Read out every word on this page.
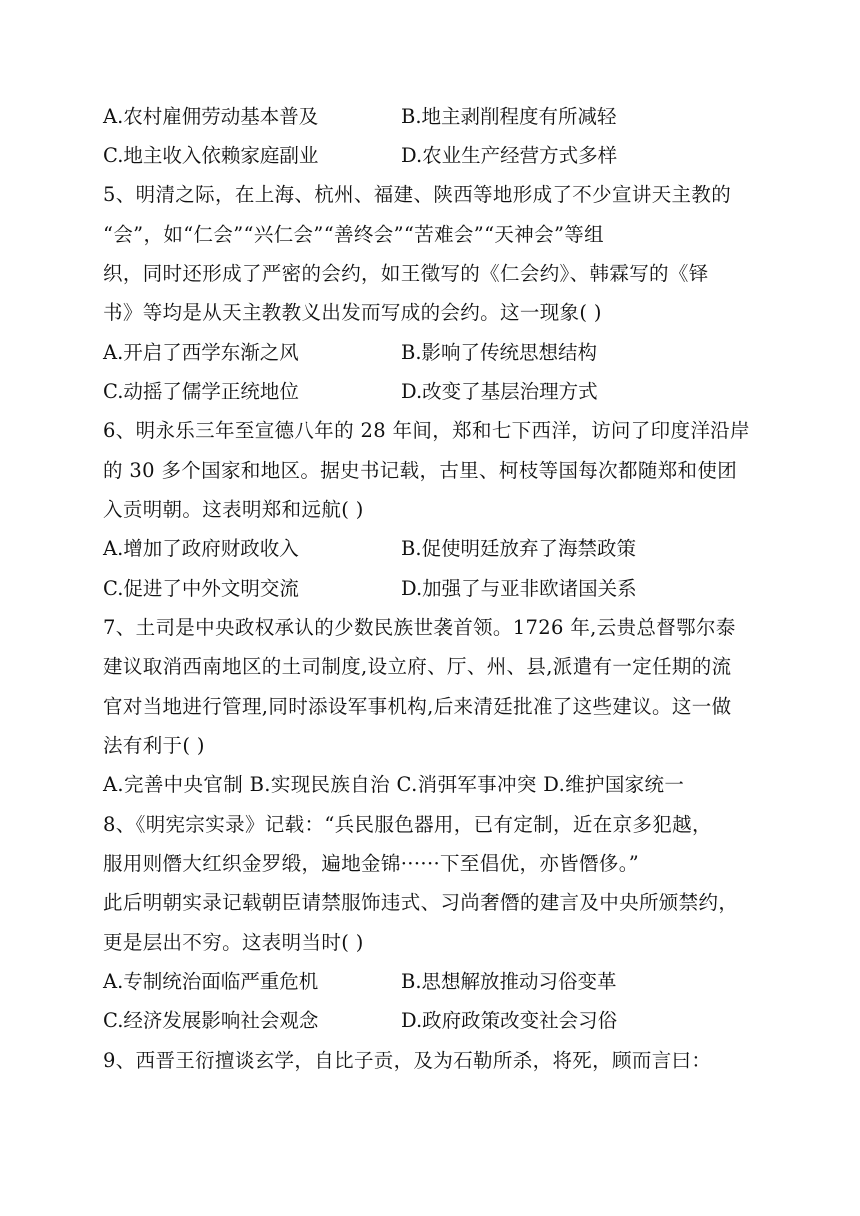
A.农村雇佣劳动基本普及	B.地主剥削程度有所减轻
C.地主收入依赖家庭副业	D.农业生产经营方式多样
5、明清之际，在上海、杭州、福建、陕西等地形成了不少宣讲天主教的
“会”，如“仁会”“兴仁会”“善终会”“苦难会”“天神会”等组
织，同时还形成了严密的会约，如王徵写的《仁会约》、韩霖写的《铎
书》等均是从天主教教义出发而写成的会约。这一现象( )
A.开启了西学东渐之风	B.影响了传统思想结构
C.动摇了儒学正统地位	D.改变了基层治理方式
6、明永乐三年至宣德八年的 28 年间，郑和七下西洋，访问了印度洋沿岸
的 30 多个国家和地区。据史书记载，古里、柯枝等国每次都随郑和使团
入贡明朝。这表明郑和远航( )
A.增加了政府财政收入	B.促使明廷放弃了海禁政策
C.促进了中外文明交流	D.加强了与亚非欧诸国关系
7、土司是中央政权承认的少数民族世袭首领。1726 年,云贵总督鄂尔泰
建议取消西南地区的土司制度,设立府、厅、州、县,派遣有一定任期的流
官对当地进行管理,同时添设军事机构,后来清廷批准了这些建议。这一做
法有利于( )
A.完善中央官制 B.实现民族自治 C.消弭军事冲突 D.维护国家统一
8、《明宪宗实录》记载：“兵民服色器用，已有定制，近在京多犯越，
服用则僭大红织金罗缎，遍地金锦······下至倡优，亦皆僭侈。”
此后明朝实录记载朝臣请禁服饰违式、习尚奢僭的建言及中央所颁禁约，
更是层出不穷。这表明当时( )
A.专制统治面临严重危机	B.思想解放推动习俗变革
C.经济发展影响社会观念	D.政府政策改变社会习俗
9、西晋王衍擅谈玄学，自比子贡，及为石勒所杀，将死，顾而言曰：
